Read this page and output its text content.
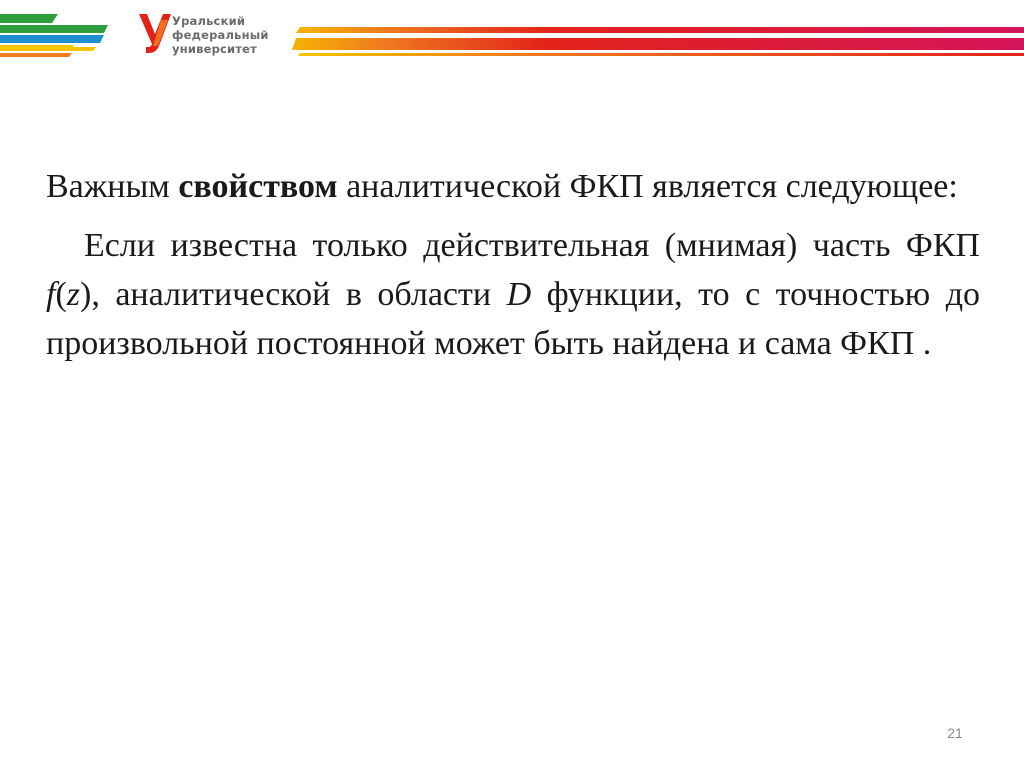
Уральский
федеральный
университет

Важным свойством аналитической ФКП является следующее:

Если известна только действительная (мнимая) часть ФКП f(z), аналитической в области D функции, то с точностью до произвольной постоянной может быть найдена и сама ФКП .

21
